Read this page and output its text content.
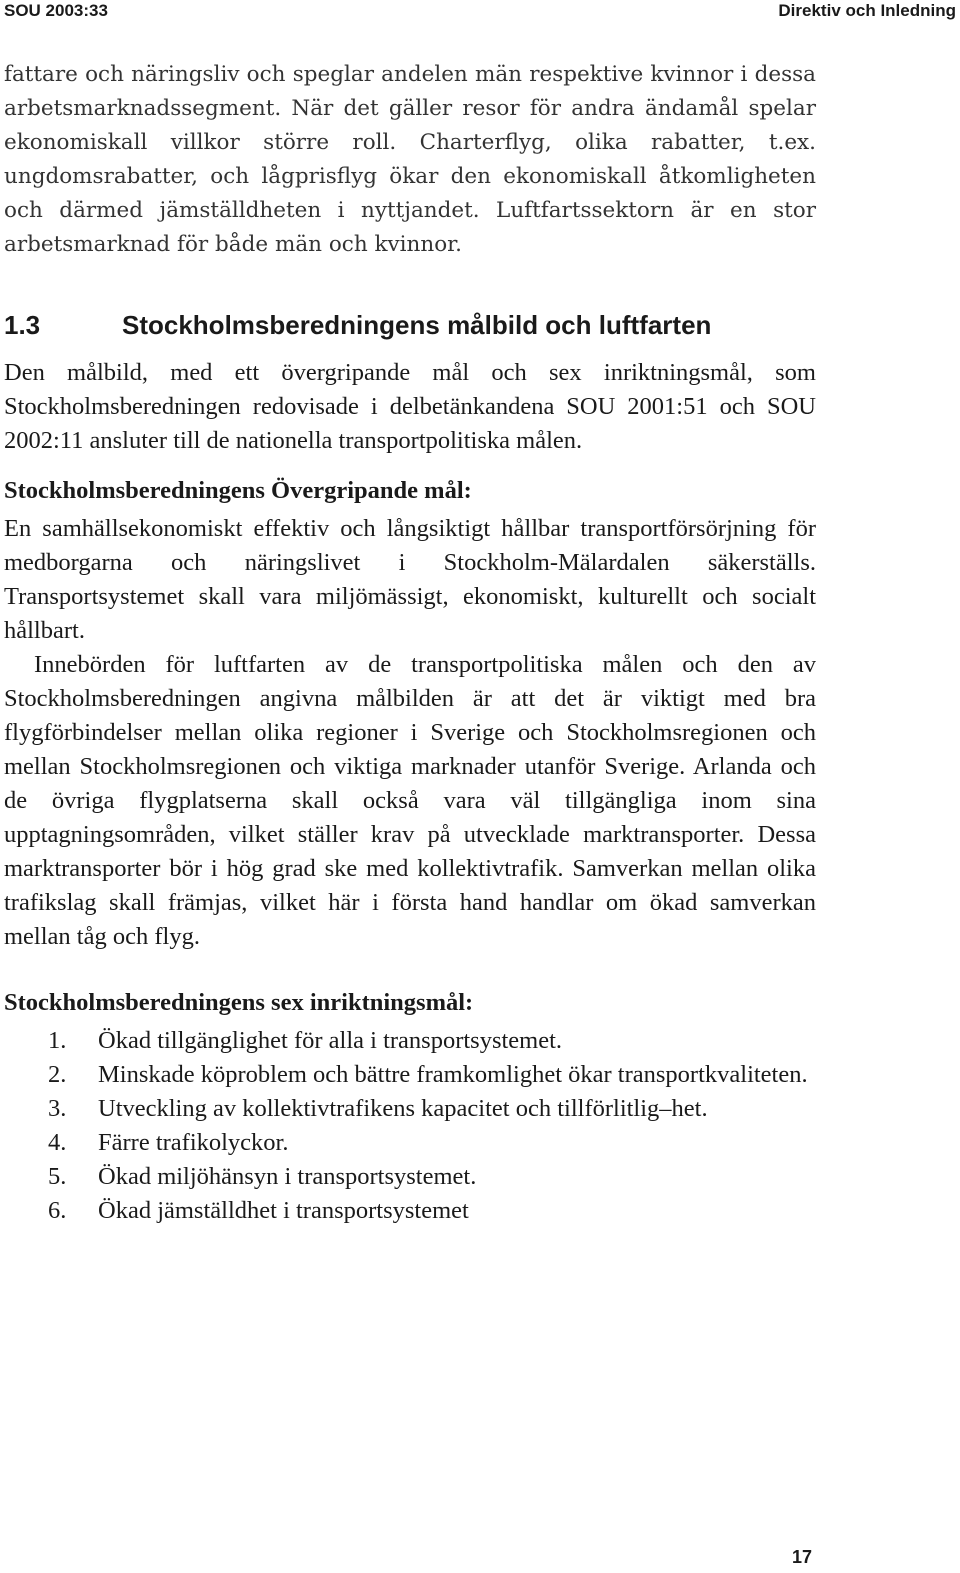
SOU 2003:33	Direktiv och Inledning

fattare och näringsliv och speglar andelen män respektive kvinnor i dessa arbetsmarknadssegment. När det gäller resor för andra ändamål spelar ekonomiskall villkor större roll. Charterflyg, olika rabatter, t.ex. ungdomsrabatter, och lågprisflyg ökar den ekonomiskall åtkomligheten och därmed jämställdheten i nyttjandet. Luftfartssektorn är en stor arbetsmarknad för både män och kvinnor.

1.3	Stockholmsberedningens målbild och luftfarten

Den målbild, med ett övergripande mål och sex inriktningsmål, som Stockholmsberedningen redovisade i delbetänkandena SOU 2001:51 och SOU 2002:11 ansluter till de nationella transportpolitiska målen.

Stockholmsberedningens Övergripande mål:

En samhällsekonomiskt effektiv och långsiktigt hållbar transportförsörjning för medborgarna och näringslivet i Stockholm-Mälardalen säkerställs. Transportsystemet skall vara miljömässigt, ekonomiskt, kulturellt och socialt hållbart.

Innebörden för luftfarten av de transportpolitiska målen och den av Stockholmsberedningen angivna målbilden är att det är viktigt med bra flygförbindelser mellan olika regioner i Sverige och Stockholmsregionen och mellan Stockholmsregionen och viktiga marknader utanför Sverige. Arlanda och de övriga flygplatserna skall också vara väl tillgängliga inom sina upptagningsområden, vilket ställer krav på utvecklade marktransporter. Dessa marktransporter bör i hög grad ske med kollektivtrafik. Samverkan mellan olika trafikslag skall främjas, vilket här i första hand handlar om ökad samverkan mellan tåg och flyg.

Stockholmsberedningens sex inriktningsmål:
1.	Ökad tillgänglighet för alla i transportsystemet.
2.	Minskade köproblem och bättre framkomlighet ökar transportkvaliteten.
3.	Utveckling av kollektivtrafikens kapacitet och tillförlitlig–het.
4.	Färre trafikolyckor.
5.	Ökad miljöhänsyn i transportsystemet.
6.	Ökad jämställdhet i transportsystemet
17
